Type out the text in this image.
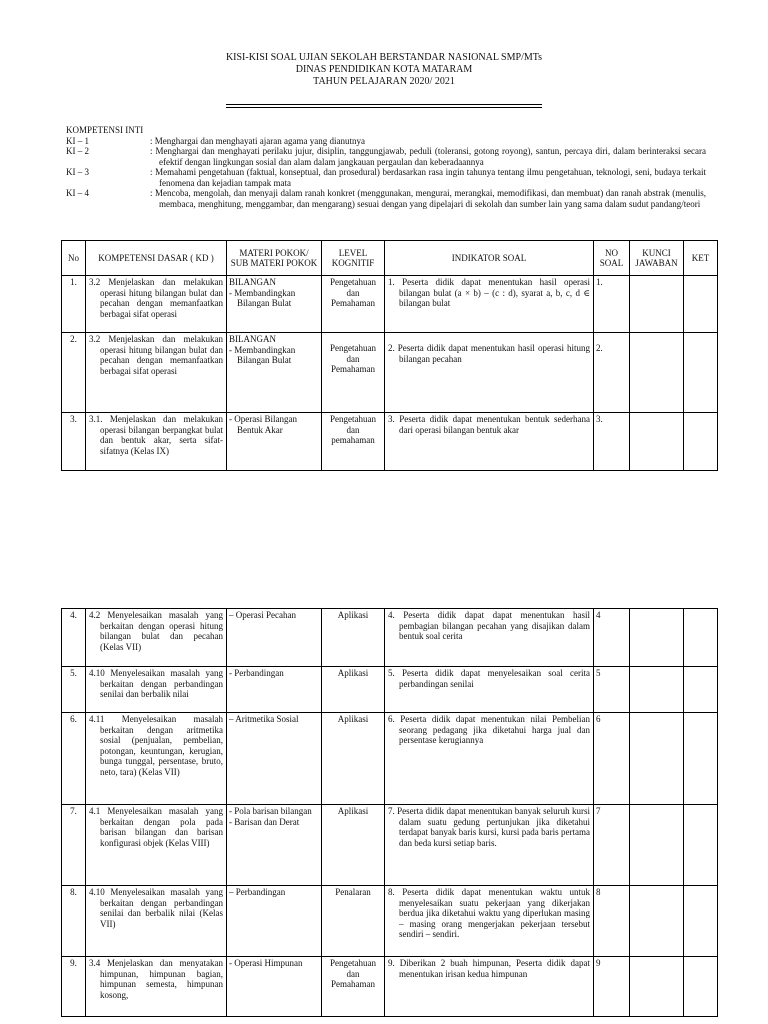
KISI-KISI SOAL UJIAN SEKOLAH BERSTANDAR NASIONAL SMP/MTs
DINAS PENDIDIKAN KOTA MATARAM
TAHUN PELAJARAN 2020/ 2021
KOMPETENSI INTI
KI – 1	: Menghargai dan menghayati ajaran agama yang dianutnya
KI – 2	: Menghargai dan menghayati perilaku jujur, disiplin, tanggungjawab, peduli (toleransi, gotong royong), santun, percaya diri, dalam berinteraksi secara efektif dengan lingkungan sosial dan alam dalam jangkauan pergaulan dan keberadaannya
KI – 3	: Memahami pengetahuan (faktual, konseptual, dan prosedural) berdasarkan rasa ingin tahunya tentang ilmu pengetahuan, teknologi, seni, budaya terkait fenomena dan kejadian tampak mata
KI – 4	: Mencoba, mengolah, dan menyaji dalam ranah konkret (menggunakan, mengurai, merangkai, memodifikasi, dan membuat) dan ranah abstrak (menulis, membaca, menghitung, menggambar, dan mengarang) sesuai dengan yang dipelajari di sekolah dan sumber lain yang sama dalam sudut pandang/teori
No	KOMPETENSI DASAR ( KD )	MATERI POKOK/ SUB MATERI POKOK	LEVEL KOGNITIF	INDIKATOR SOAL	NO SOAL	KUNCI JAWABAN	KET
1.	3.2 Menjelaskan dan melakukan operasi hitung bilangan bulat dan pecahan dengan memanfaatkan berbagai sifat operasi	BILANGAN
- Membandingkan Bilangan Bulat	Pengetahuan dan Pemahaman	1. Peserta didik dapat menentukan hasil operasi bilangan bulat (a × b) – (c : d), syarat a, b, c, d ∈ bilangan bulat	1.		
2.	3.2 Menjelaskan dan melakukan operasi hitung bilangan bulat dan pecahan dengan memanfaatkan berbagai sifat operasi	BILANGAN
- Membandingkan Bilangan Bulat	Pengetahuan dan Pemahaman	2. Peserta didik dapat menentukan hasil operasi hitung bilangan pecahan	2.		
3.	3.1. Menjelaskan dan melakukan operasi bilangan berpangkat bulat dan bentuk akar, serta sifat-sifatnya (Kelas IX)	- Operasi Bilangan Bentuk Akar	Pengetahuan dan pemahaman	3. Peserta didik dapat menentukan bentuk sederhana dari operasi bilangan bentuk akar	3.		
4.	4.2 Menyelesaikan masalah yang berkaitan dengan operasi hitung bilangan bulat dan pecahan (Kelas VII)	– Operasi Pecahan	Aplikasi	4. Peserta didik dapat dapat menentukan hasil pembagian bilangan pecahan yang disajikan dalam bentuk soal cerita	4		
5.	4.10 Menyelesaikan masalah yang berkaitan dengan perbandingan senilai dan berbalik nilai	- Perbandingan	Aplikasi	5. Peserta didik dapat menyelesaikan soal cerita perbandingan senilai	5		
6.	4.11 Menyelesaikan masalah berkaitan dengan aritmetika sosial (penjualan, pembelian, potongan, keuntungan, kerugian, bunga tunggal, persentase, bruto, neto, tara) (Kelas VII)	– Aritmetika Sosial	Aplikasi	6. Peserta didik dapat menentukan nilai Pembelian seorang pedagang jika diketahui harga jual dan persentase kerugiannya	6		
7.	4.1 Menyelesaikan masalah yang berkaitan dengan pola pada barisan bilangan dan barisan konfigurasi objek (Kelas VIII)	- Pola barisan bilangan
- Barisan dan Derat	Aplikasi	7. Peserta didik dapat menentukan banyak seluruh kursi dalam suatu gedung pertunjukan jika diketahui terdapat banyak baris kursi, kursi pada baris pertama dan beda kursi setiap baris.	7		
8.	4.10 Menyelesaikan masalah yang berkaitan dengan perbandingan senilai dan berbalik nilai (Kelas VII)	– Perbandingan	Penalaran	8. Peserta didik dapat menentukan waktu untuk menyelesaikan suatu pekerjaan yang dikerjakan berdua jika diketahui waktu yang diperlukan masing – masing orang mengerjakan pekerjaan tersebut sendiri – sendiri.	8		
9.	3.4 Menjelaskan dan menyatakan himpunan, himpunan bagian, himpunan semesta, himpunan kosong,	- Operasi Himpunan	Pengetahuan dan Pemahaman	9. Diberikan 2 buah himpunan, Peserta didik dapat menentukan irisan kedua himpunan	9		
